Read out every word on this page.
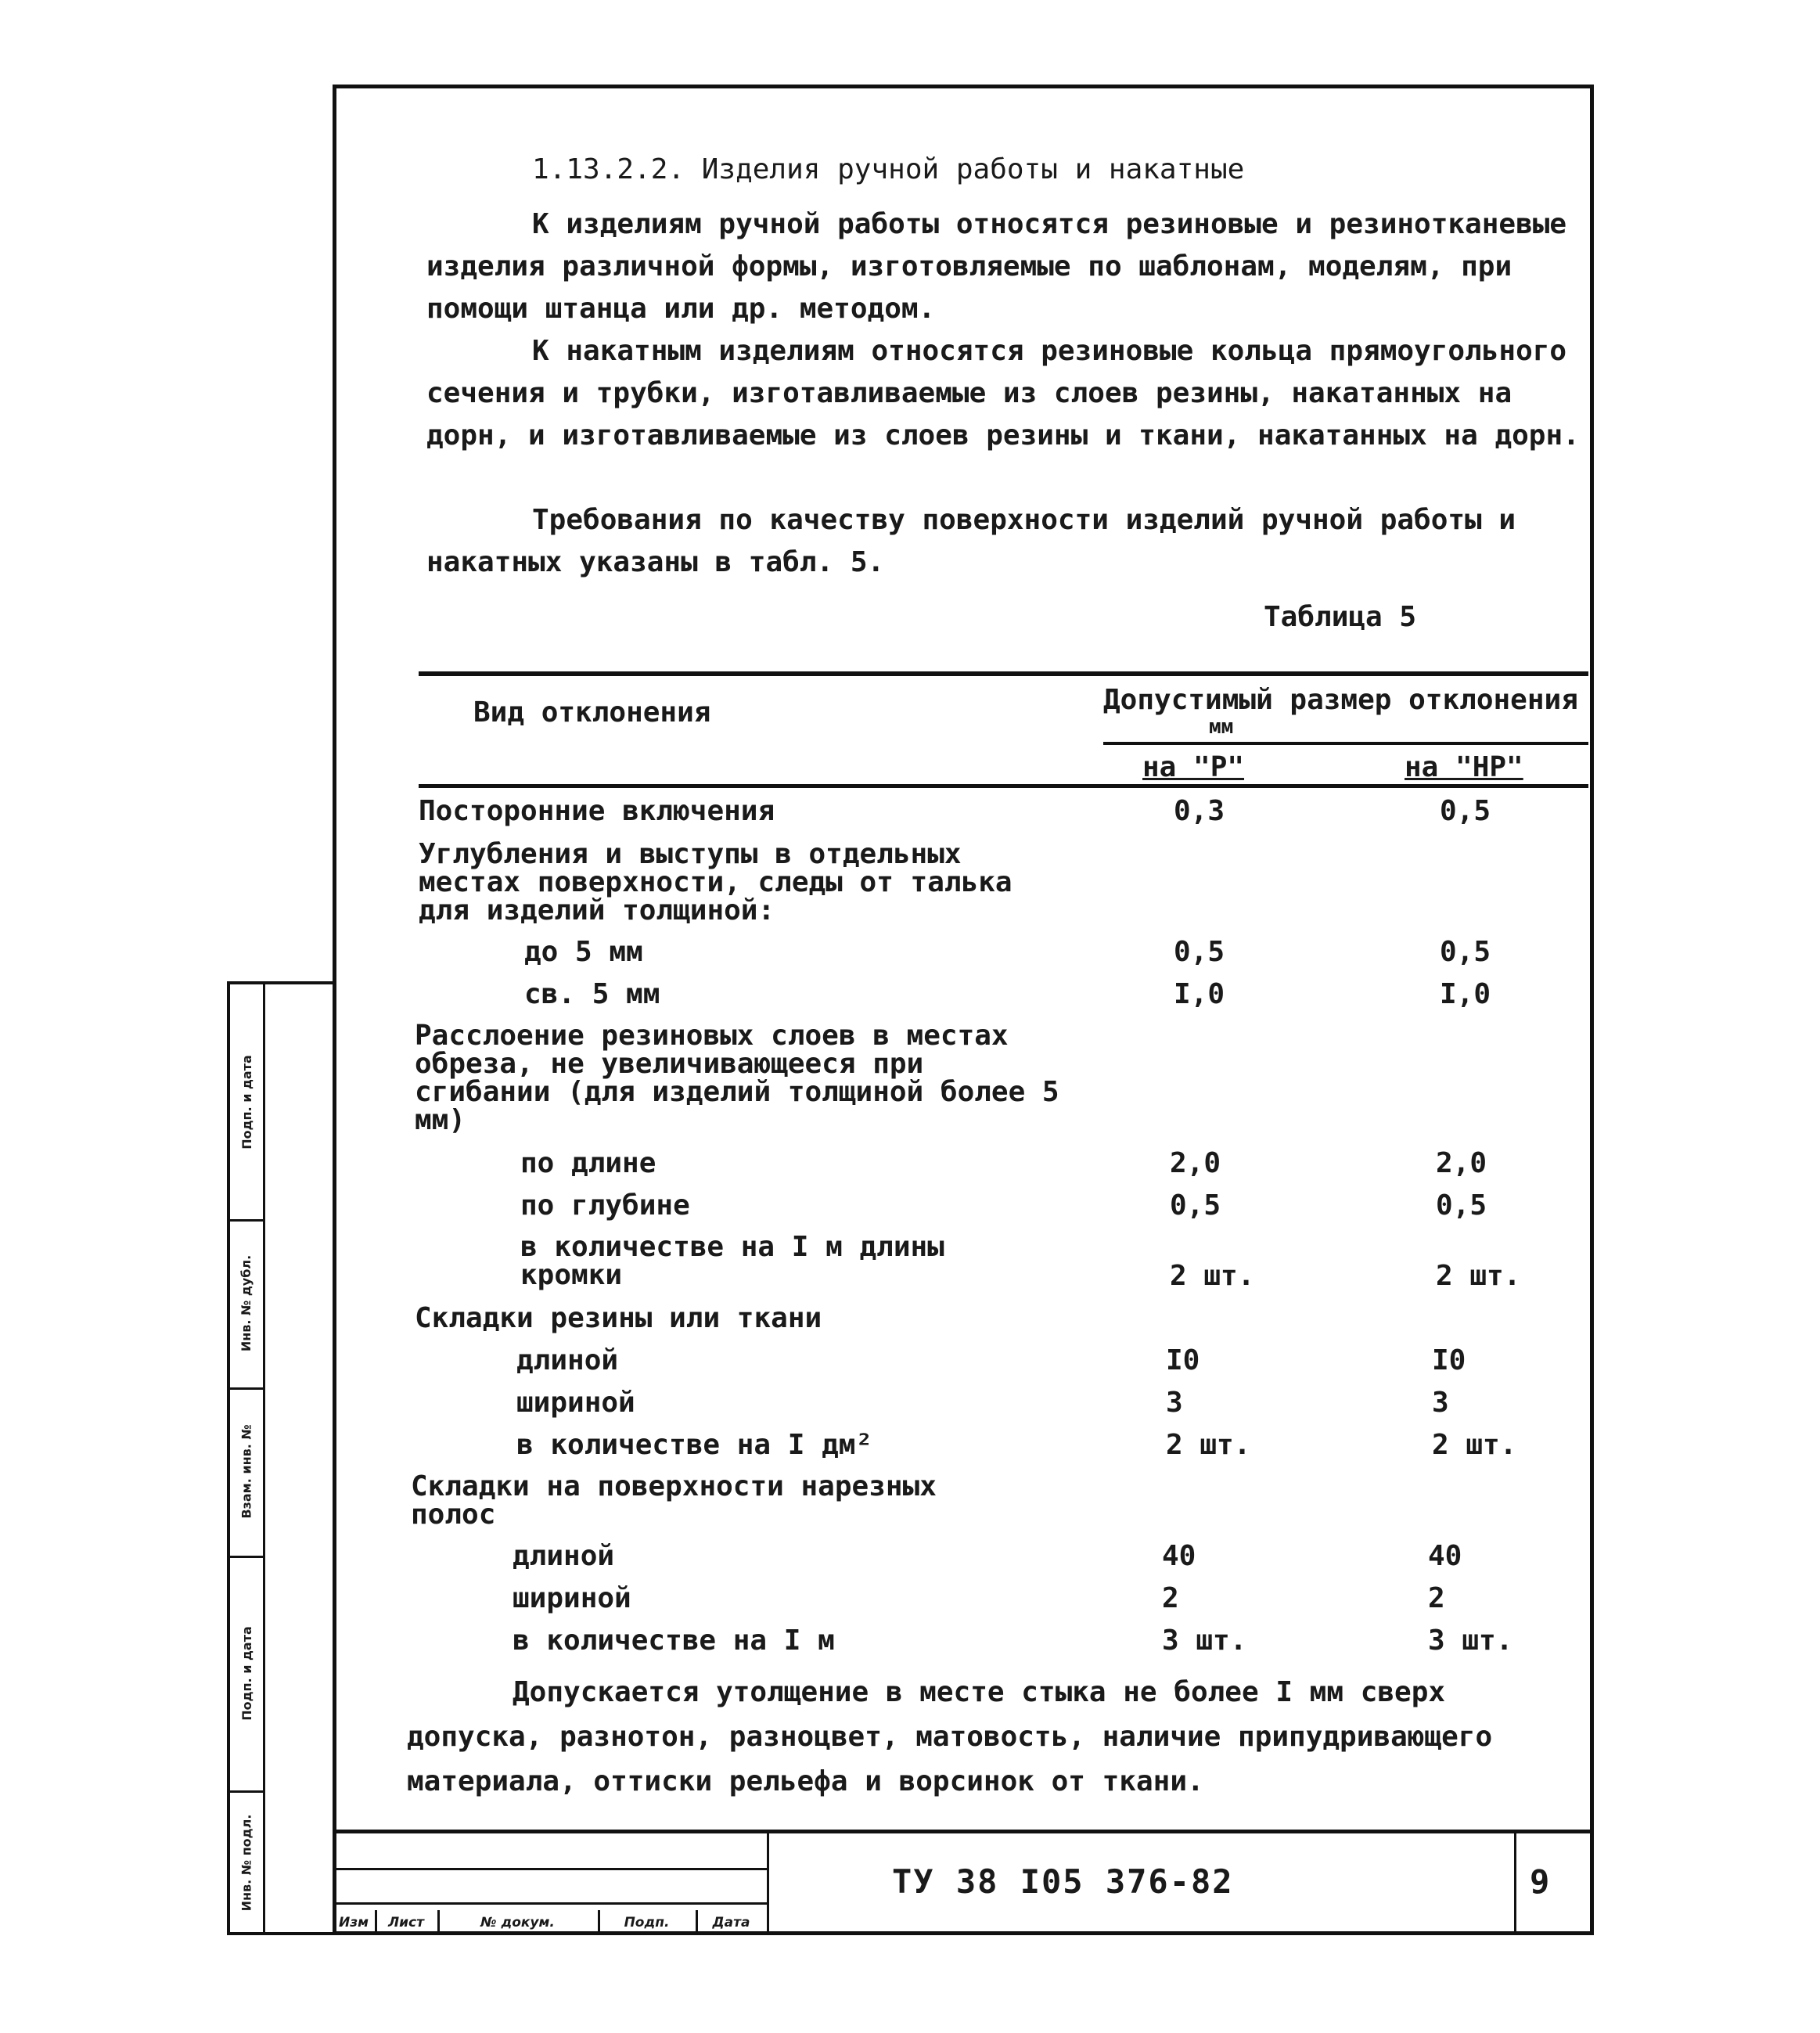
Подп. и дата
Инв. № дубл.
Взам. инв. №
Подп. и дата
Инв. № подл.
1.13.2.2. Изделия ручной работы и накатные
К изделиям ручной работы относятся резиновые и резинотканевые изделия различной формы, изготовляемые по шаблонам, моделям, при помощи штанца или др. методом.
К накатным изделиям относятся резиновые кольца прямоугольного сечения и трубки, изготавливаемые из слоев резины, накатанных на дорн, и изготавливаемые из слоев резины и ткани, накатанных на дорн.
Требования по качеству поверхности изделий ручной работы и накатных указаны в табл. 5.
Таблица 5
Вид отклонения	Допустимый размер отклонения
мм
на "Р"	на "НР"
Посторонние включения	0,3	0,5
Углубления и выступы в отдельных местах поверхности, следы от талька для изделий толщиной:
до 5 мм	0,5	0,5
св. 5 мм	I,0	I,0
Расслоение резиновых слоев в местах обреза, не увеличивающееся при сгибании (для изделий толщиной более 5 мм)
по длине	2,0	2,0
по глубине	0,5	0,5
в количестве на I м длины кромки	2 шт.	2 шт.
Складки резины или ткани
длиной	I0	I0
шириной	3	3
в количестве на I дм²	2 шт.	2 шт.
Складки на поверхности нарезных полос
длиной	40	40
шириной	2	2
в количестве на I м	3 шт.	3 шт.
Допускается утолщение в месте стыка не более I мм сверх допуска, разнотон, разноцвет, матовость, наличие припудривающего материала, оттиски рельефа и ворсинок от ткани.
Изм	Лист	№ докум.	Подп.	Дата
ТУ 38 I05 376-82	9
